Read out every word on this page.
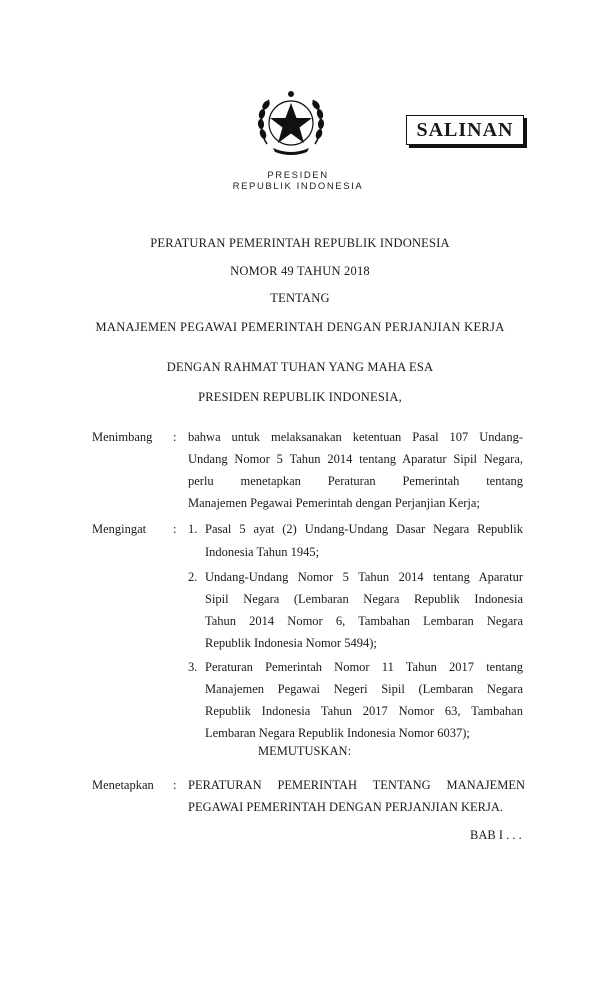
SALINAN
PRESIDEN
REPUBLIK INDONESIA
PERATURAN PEMERINTAH REPUBLIK INDONESIA
NOMOR 49 TAHUN 2018
TENTANG
MANAJEMEN PEGAWAI PEMERINTAH DENGAN PERJANJIAN KERJA
DENGAN RAHMAT TUHAN YANG MAHA ESA
PRESIDEN REPUBLIK INDONESIA,
Menimbang : bahwa untuk melaksanakan ketentuan Pasal 107 Undang-
Undang Nomor 5 Tahun 2014 tentang Aparatur Sipil Negara,
perlu menetapkan Peraturan Pemerintah tentang
Manajemen Pegawai Pemerintah dengan Perjanjian Kerja;
Mengingat : 1. Pasal 5 ayat (2) Undang-Undang Dasar Negara Republik
Indonesia Tahun 1945;
2. Undang-Undang Nomor 5 Tahun 2014 tentang Aparatur
Sipil Negara (Lembaran Negara Republik Indonesia
Tahun 2014 Nomor 6, Tambahan Lembaran Negara
Republik Indonesia Nomor 5494);
3. Peraturan Pemerintah Nomor 11 Tahun 2017 tentang
Manajemen Pegawai Negeri Sipil (Lembaran Negara
Republik Indonesia Tahun 2017 Nomor 63, Tambahan
Lembaran Negara Republik Indonesia Nomor 6037);
MEMUTUSKAN:
Menetapkan : PERATURAN PEMERINTAH TENTANG MANAJEMEN
PEGAWAI PEMERINTAH DENGAN PERJANJIAN KERJA.
BAB I . . .
